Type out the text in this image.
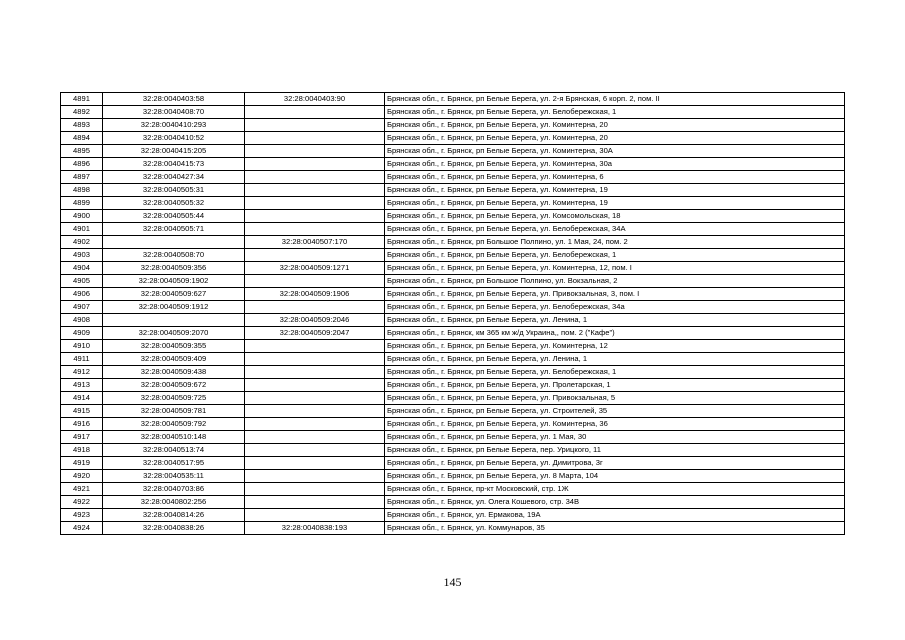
4891	32:28:0040403:58	32:28:0040403:90	Брянская обл., г. Брянск, рп Белые Берега, ул. 2-я Брянская, 6 корп. 2, пом. II
4892	32:28:0040408:70		Брянская обл., г. Брянск, рп Белые Берега, ул. Белобережская, 1
4893	32:28:0040410:293		Брянская обл., г. Брянск, рп Белые Берега, ул. Коминтерна, 20
4894	32:28:0040410:52		Брянская обл., г. Брянск, рп Белые Берега, ул. Коминтерна, 20
4895	32:28:0040415:205		Брянская обл., г. Брянск, рп Белые Берега, ул. Коминтерна, 30А
4896	32:28:0040415:73		Брянская обл., г. Брянск, рп Белые Берега, ул. Коминтерна, 30а
4897	32:28:0040427:34		Брянская обл., г. Брянск, рп Белые Берега, ул. Коминтерна, 6
4898	32:28:0040505:31		Брянская обл., г. Брянск, рп Белые Берега, ул. Коминтерна, 19
4899	32:28:0040505:32		Брянская обл., г. Брянск, рп Белые Берега, ул. Коминтерна, 19
4900	32:28:0040505:44		Брянская обл., г. Брянск, рп Белые Берега, ул. Комсомольская, 18
4901	32:28:0040505:71		Брянская обл., г. Брянск, рп Белые Берега, ул. Белобережская, 34А
4902		32:28:0040507:170	Брянская обл., г. Брянск, рп Большое Полпино, ул. 1 Мая, 24, пом. 2
4903	32:28:0040508:70		Брянская обл., г. Брянск, рп Белые Берега, ул. Белобережская, 1
4904	32:28:0040509:356	32:28:0040509:1271	Брянская обл., г. Брянск, рп Белые Берега, ул. Коминтерна, 12, пом. I
4905	32:28:0040509:1902		Брянская обл., г. Брянск, рп Большое Полпино, ул. Вокзальная, 2
4906	32:28:0040509:627	32:28:0040509:1906	Брянская обл., г. Брянск, рп Белые Берега, ул. Привокзальная, 3, пом. I
4907	32:28:0040509:1912		Брянская обл., г. Брянск, рп Белые Берега, ул. Белобережская, 34а
4908		32:28:0040509:2046	Брянская обл., г. Брянск, рп Белые Берега, ул. Ленина, 1
4909	32:28:0040509:2070	32:28:0040509:2047	Брянская обл., г. Брянск, км 365 км ж/д Украина,, пом. 2 ("Кафе")
4910	32:28:0040509:355		Брянская обл., г. Брянск, рп Белые Берега, ул. Коминтерна, 12
4911	32:28:0040509:409		Брянская обл., г. Брянск, рп Белые Берега, ул. Ленина, 1
4912	32:28:0040509:438		Брянская обл., г. Брянск, рп Белые Берега, ул. Белобережская, 1
4913	32:28:0040509:672		Брянская обл., г. Брянск, рп Белые Берега, ул. Пролетарская, 1
4914	32:28:0040509:725		Брянская обл., г. Брянск, рп Белые Берега, ул. Привокзальная, 5
4915	32:28:0040509:781		Брянская обл., г. Брянск, рп Белые Берега, ул. Строителей, 35
4916	32:28:0040509:792		Брянская обл., г. Брянск, рп Белые Берега, ул. Коминтерна, 36
4917	32:28:0040510:148		Брянская обл., г. Брянск, рп Белые Берега, ул. 1 Мая, 30
4918	32:28:0040513:74		Брянская обл., г. Брянск, рп Белые Берега, пер. Урицкого, 11
4919	32:28:0040517:95		Брянская обл., г. Брянск, рп Белые Берега, ул. Димитрова, 3г
4920	32:28:0040535:11		Брянская обл., г. Брянск, рп Белые Берега, ул. 8 Марта, 104
4921	32:28:0040703:86		Брянская обл., г. Брянск, пр-кт Московский, стр. 1Ж
4922	32:28:0040802:256		Брянская обл., г. Брянск, ул. Олега Кошевого, стр. 34В
4923	32:28:0040814:26		Брянская обл., г. Брянск, ул. Ермакова, 19А
4924	32:28:0040838:26	32:28:0040838:193	Брянская обл., г. Брянск, ул. Коммунаров, 35
145
